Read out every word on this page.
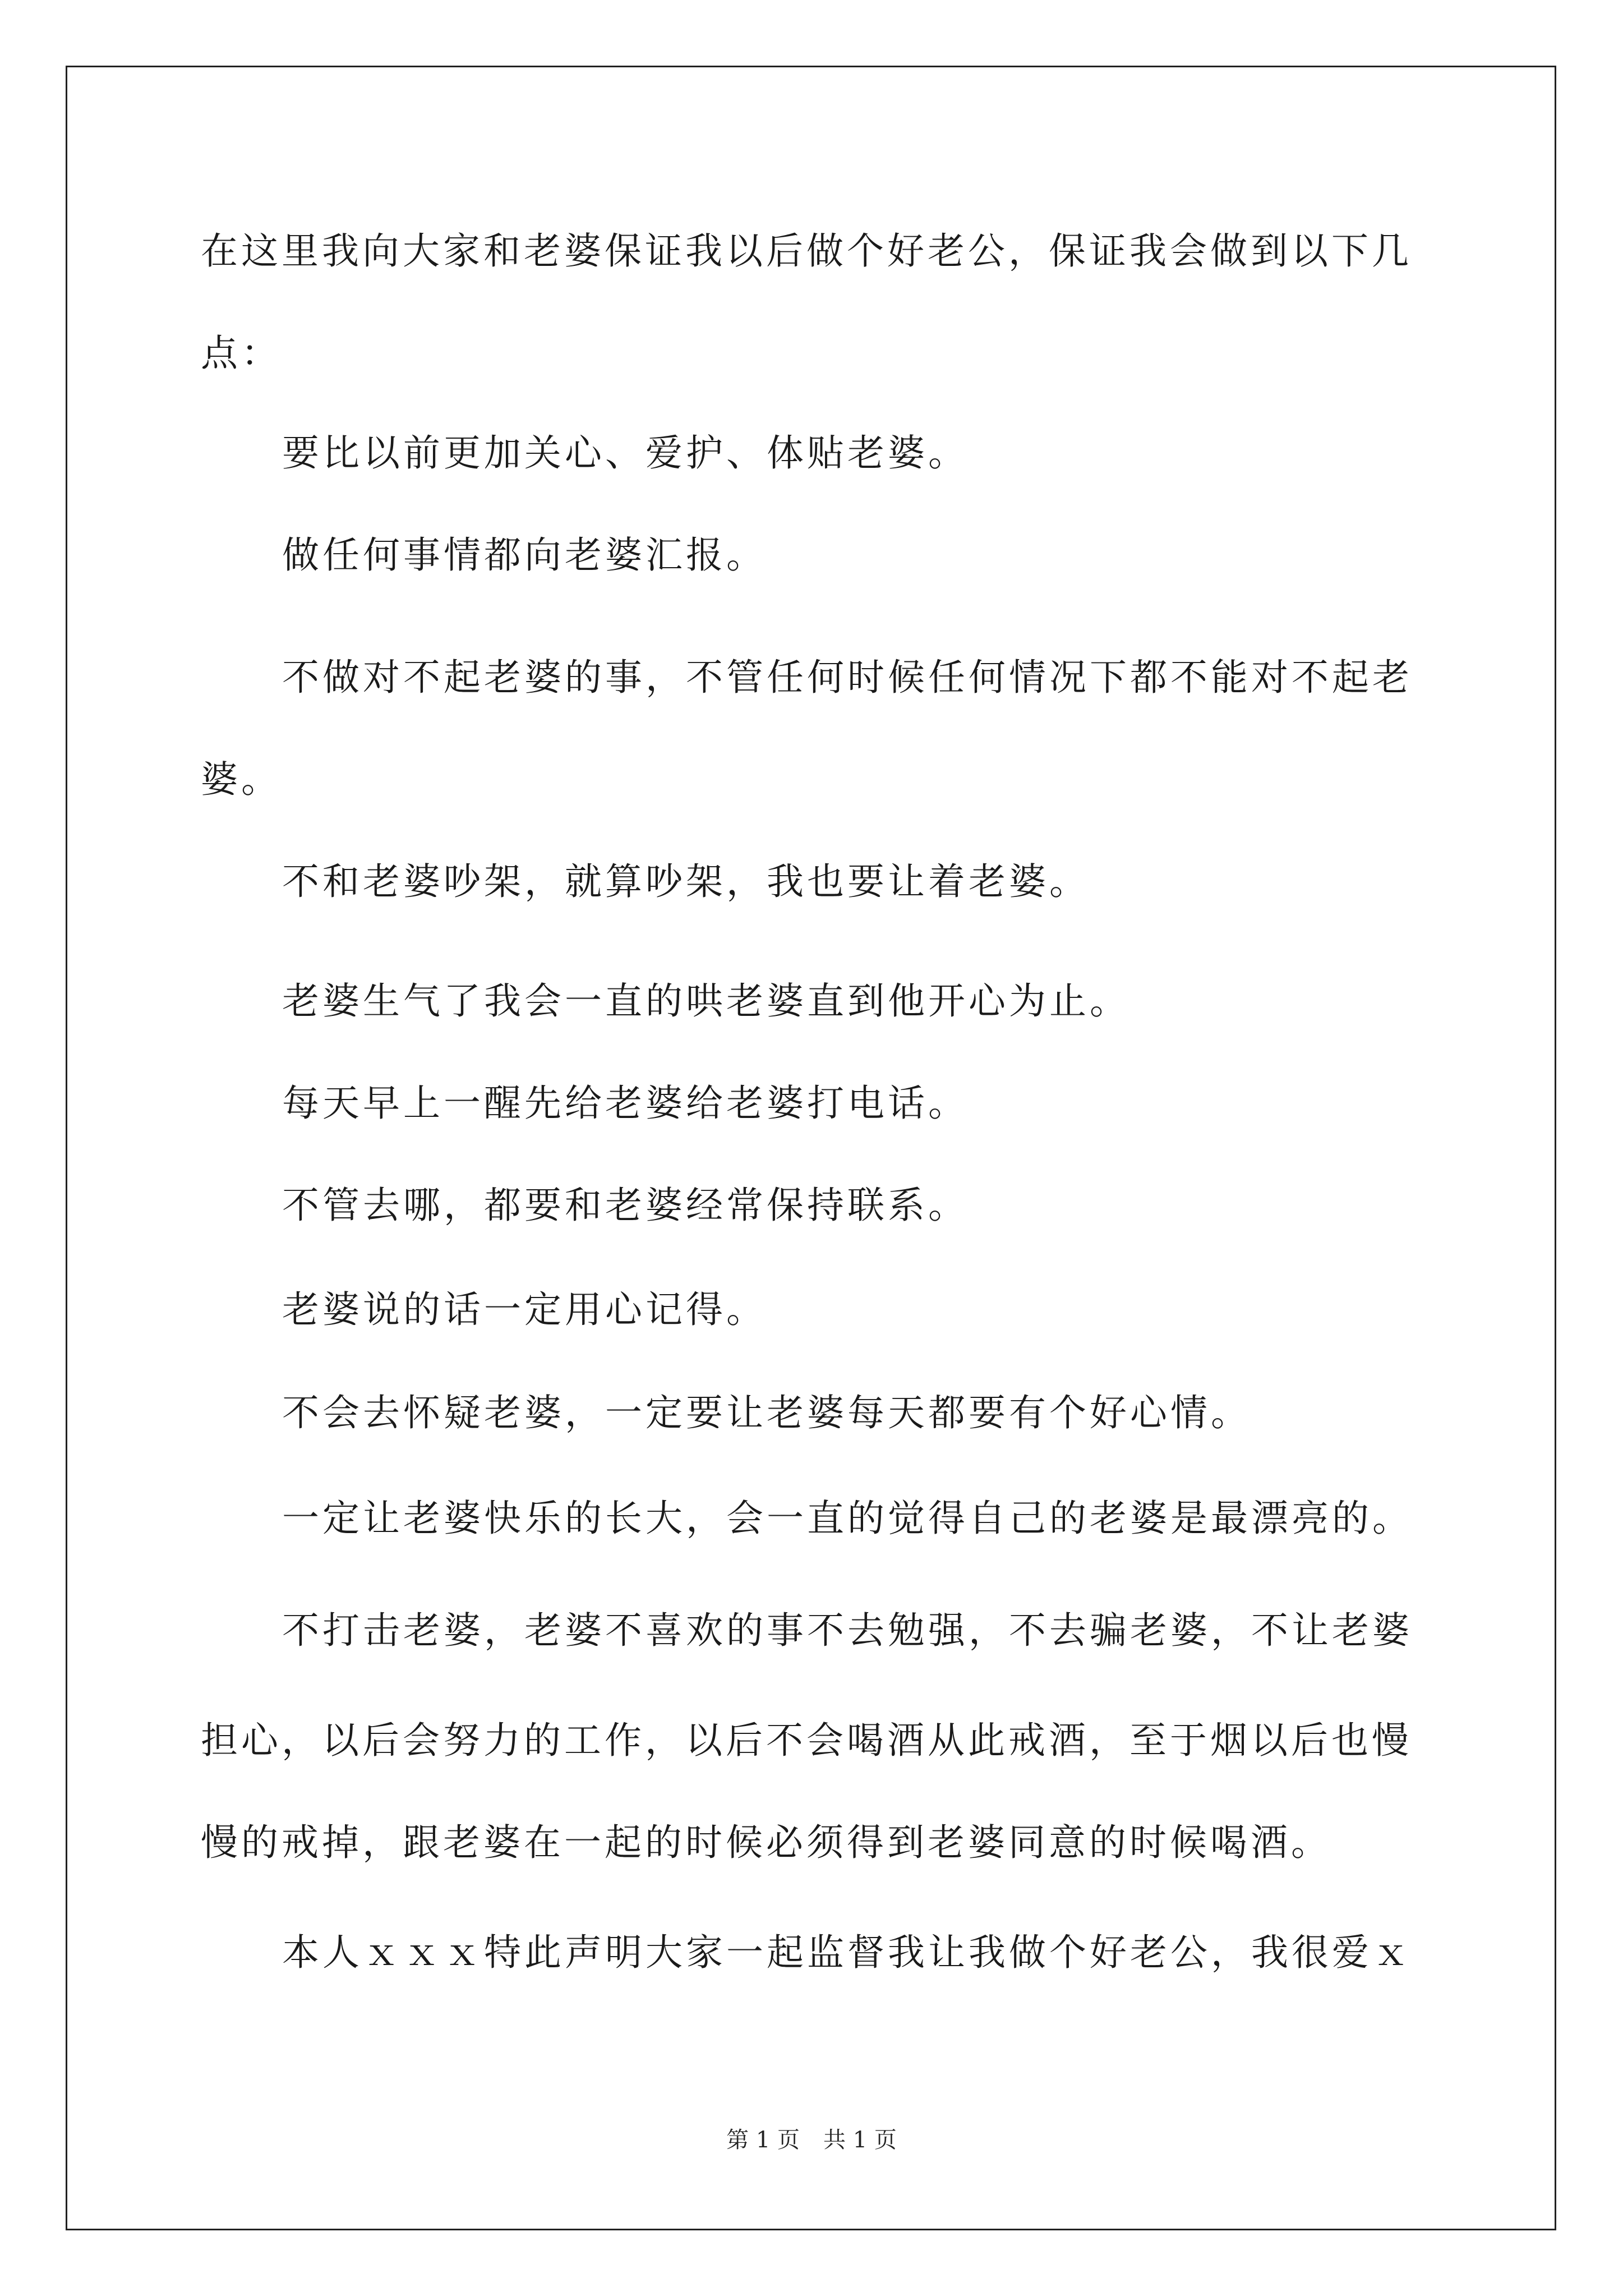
在这里我向大家和老婆保证我以后做个好老公，保证我会做到以下几
点：
要比以前更加关心、爱护、体贴老婆。
做任何事情都向老婆汇报。
不做对不起老婆的事，不管任何时候任何情况下都不能对不起老
婆。
不和老婆吵架，就算吵架，我也要让着老婆。
老婆生气了我会一直的哄老婆直到他开心为止。
每天早上一醒先给老婆给老婆打电话。
不管去哪，都要和老婆经常保持联系。
老婆说的话一定用心记得。
不会去怀疑老婆，一定要让老婆每天都要有个好心情。
一定让老婆快乐的长大，会一直的觉得自己的老婆是最漂亮的。
不打击老婆，老婆不喜欢的事不去勉强，不去骗老婆，不让老婆
担心，以后会努力的工作，以后不会喝酒从此戒酒，至于烟以后也慢
慢的戒掉，跟老婆在一起的时候必须得到老婆同意的时候喝酒。
本人ｘｘｘ特此声明大家一起监督我让我做个好老公，我很爱ｘ
第 1 页 共 1 页
